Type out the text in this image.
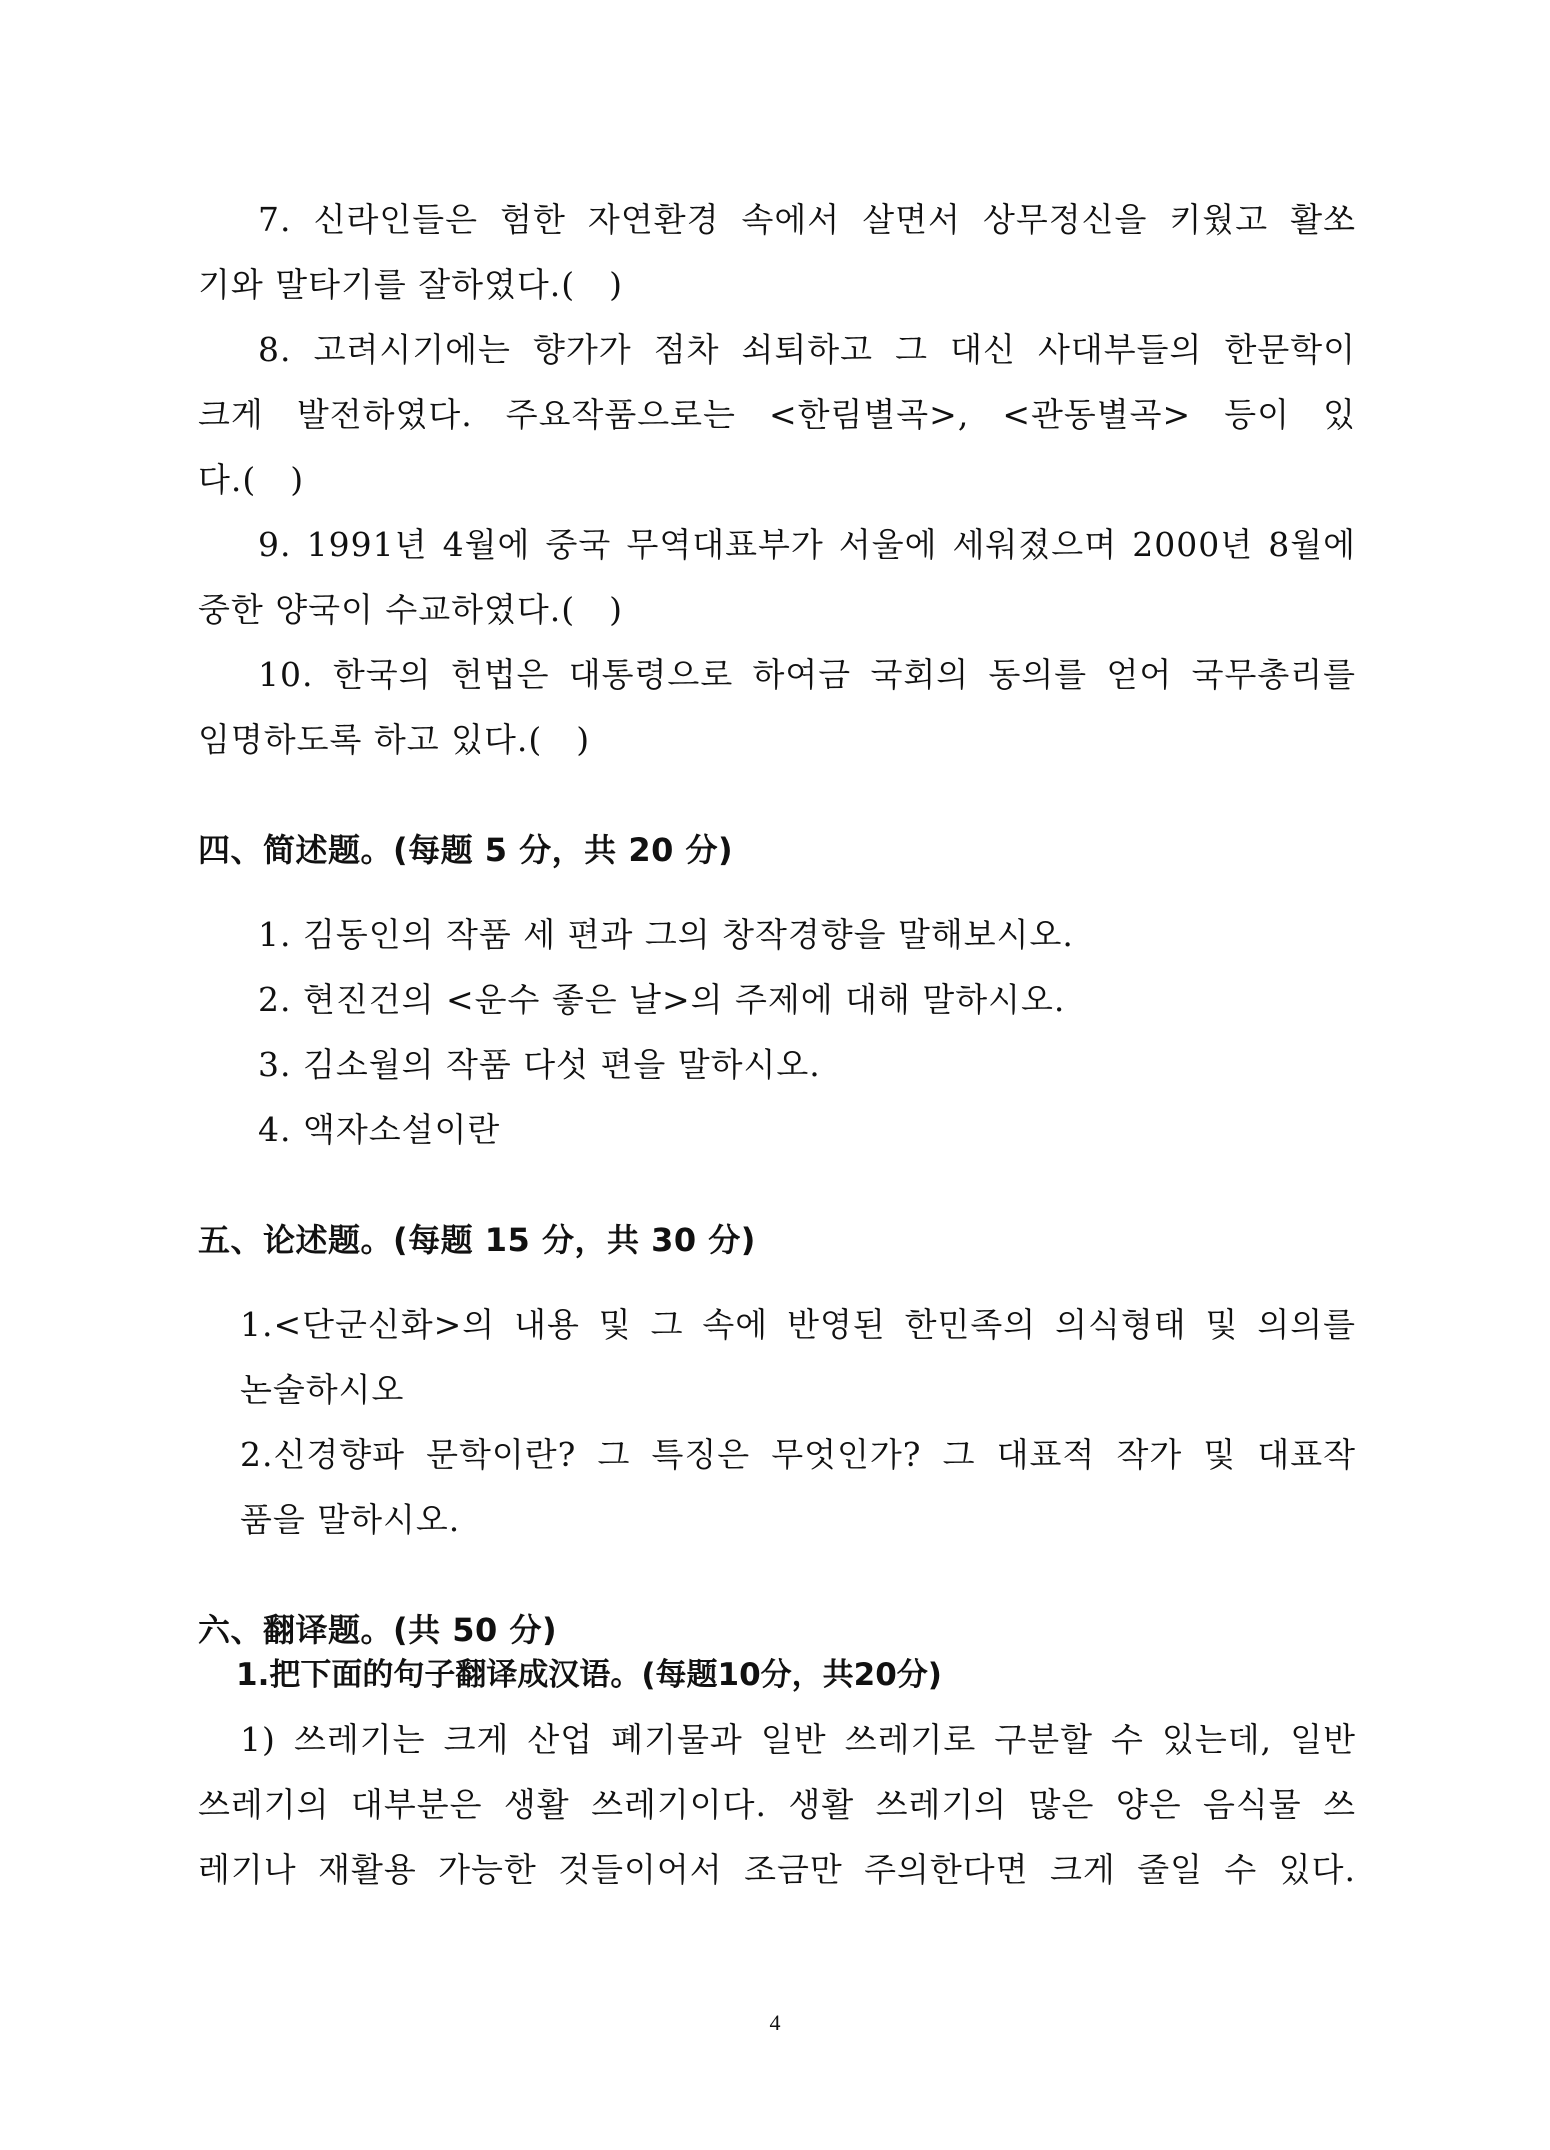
7. 신라인들은 험한 자연환경 속에서 살면서 상무정신을 키웠고 활쏘
기와 말타기를 잘하였다.(　)
8. 고려시기에는 향가가 점차 쇠퇴하고 그 대신 사대부들의 한문학이
크게 발전하였다. 주요작품으로는 <한림별곡>, <관동별곡> 등이 있
다.(　)
9. 1991년 4월에 중국 무역대표부가 서울에 세워졌으며 2000년 8월에
중한 양국이 수교하였다.(　)
10. 한국의 헌법은 대통령으로 하여금 국회의 동의를 얻어 국무총리를
임명하도록 하고 있다.(　)
四、简述题。(每题 5 分，共 20 分)
1. 김동인의 작품 세 편과 그의 창작경향을 말해보시오.
2. 현진건의 <운수 좋은 날>의 주제에 대해 말하시오.
3. 김소월의 작품 다섯 편을 말하시오.
4. 액자소설이란
五、论述题。(每题 15 分，共 30 分)
1.<단군신화>의 내용 및 그 속에 반영된 한민족의 의식형태 및 의의를
논술하시오
2.신경향파 문학이란? 그 특징은 무엇인가? 그 대표적 작가 및 대표작
품을 말하시오.
六、翻译题。(共 50 分)
1.把下面的句子翻译成汉语。(每题10分，共20分)
1) 쓰레기는 크게 산업 폐기물과 일반 쓰레기로 구분할 수 있는데, 일반
쓰레기의 대부분은 생활 쓰레기이다. 생활 쓰레기의 많은 양은 음식물 쓰
레기나 재활용 가능한 것들이어서 조금만 주의한다면 크게 줄일 수 있다.
4
